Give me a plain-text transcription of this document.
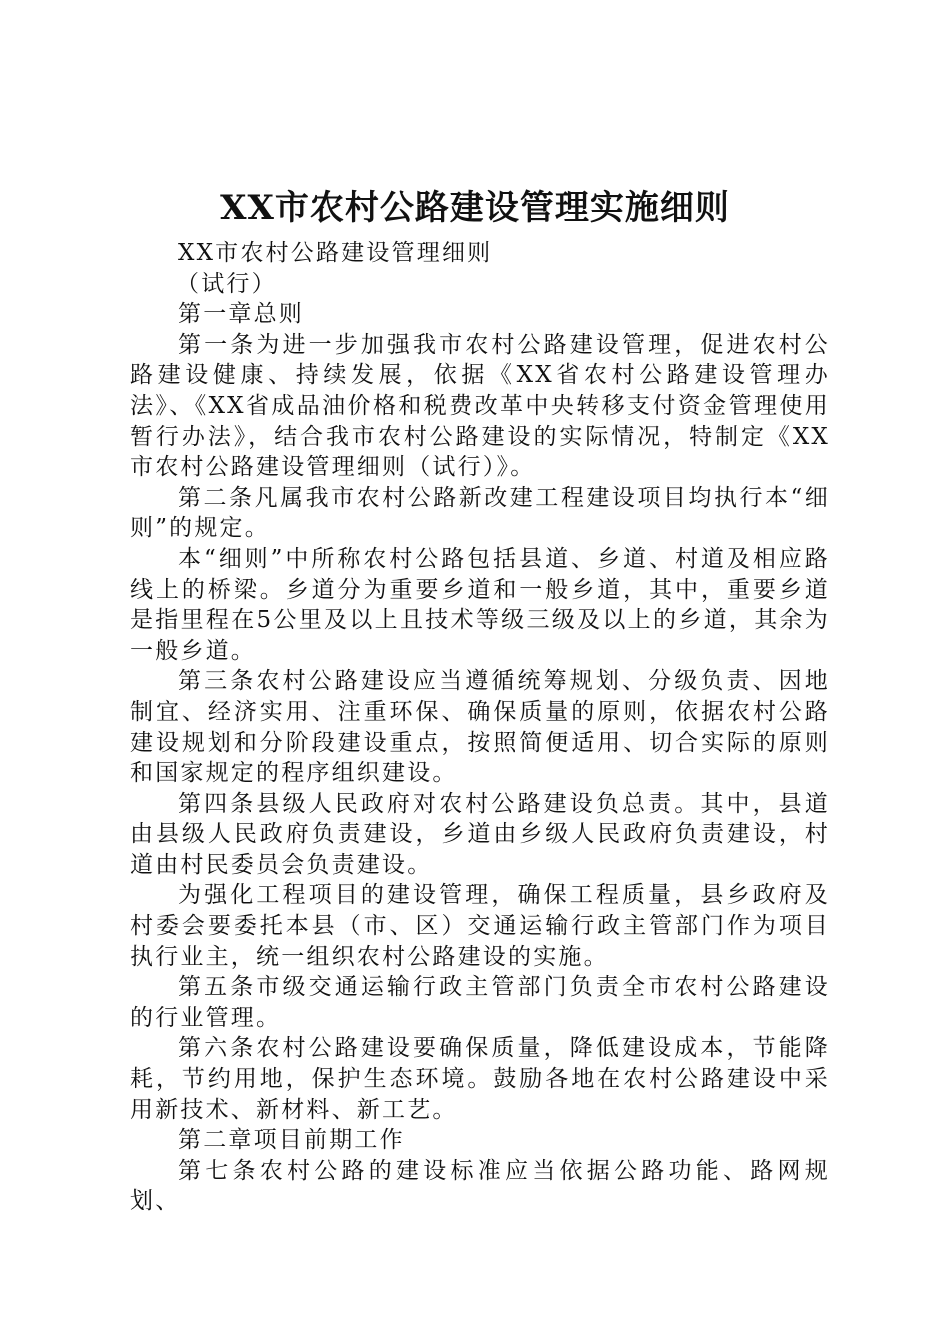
XX市农村公路建设管理实施细则

XX市农村公路建设管理细则

（试行）

第一章总则

第一条为进一步加强我市农村公路建设管理，促进农村公路建设健康、持续发展，依据《XX省农村公路建设管理办法》、《XX省成品油价格和税费改革中央转移支付资金管理使用暂行办法》，结合我市农村公路建设的实际情况，特制定《XX市农村公路建设管理细则（试行）》。

第二条凡属我市农村公路新改建工程建设项目均执行本“细则”的规定。

本“细则”中所称农村公路包括县道、乡道、村道及相应路线上的桥梁。乡道分为重要乡道和一般乡道，其中，重要乡道是指里程在5公里及以上且技术等级三级及以上的乡道，其余为一般乡道。

第三条农村公路建设应当遵循统筹规划、分级负责、因地制宜、经济实用、注重环保、确保质量的原则，依据农村公路建设规划和分阶段建设重点，按照简便适用、切合实际的原则和国家规定的程序组织建设。

第四条县级人民政府对农村公路建设负总责。其中，县道由县级人民政府负责建设，乡道由乡级人民政府负责建设，村道由村民委员会负责建设。

为强化工程项目的建设管理，确保工程质量，县乡政府及村委会要委托本县（市、区）交通运输行政主管部门作为项目执行业主，统一组织农村公路建设的实施。

第五条市级交通运输行政主管部门负责全市农村公路建设的行业管理。

第六条农村公路建设要确保质量，降低建设成本，节能降耗，节约用地，保护生态环境。鼓励各地在农村公路建设中采用新技术、新材料、新工艺。

第二章项目前期工作

第七条农村公路的建设标准应当依据公路功能、路网规划、
